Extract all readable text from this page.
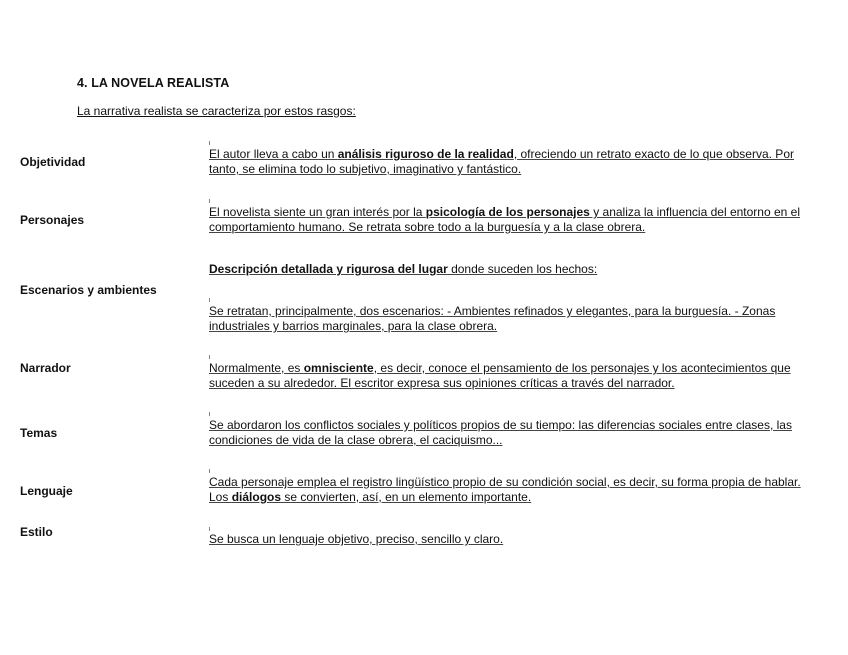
4. LA NOVELA REALISTA
La narrativa realista se caracteriza por estos rasgos:
Objetividad
El autor lleva a cabo un análisis riguroso de la realidad, ofreciendo un retrato exacto de lo que observa. Por
tanto, se elimina todo lo subjetivo, imaginativo y fantástico.
Personajes
El novelista siente un gran interés por la psicología de los personajes y analiza la influencia del entorno en el
comportamiento humano. Se retrata sobre todo a la burguesía y a la clase obrera.
Escenarios y ambientes
Descripción detallada y rigurosa del lugar donde suceden los hechos:
Se retratan, principalmente, dos escenarios: - Ambientes refinados y elegantes, para la burguesía. - Zonas
industriales y barrios marginales, para la clase obrera.
Narrador	Normalmente, es omnisciente, es decir, conoce el pensamiento de los personajes y los acontecimientos que
suceden a su alrededor. El escritor expresa sus opiniones críticas a través del narrador.
Temas
Se abordaron los conflictos sociales y políticos propios de su tiempo: las diferencias sociales entre clases, las
condiciones de vida de la clase obrera, el caciquismo...
Lenguaje
Cada personaje emplea el registro lingüístico propio de su condición social, es decir, su forma propia de hablar.
Los diálogos se convierten, así, en un elemento importante.
Estilo	Se busca un lenguaje objetivo, preciso, sencillo y claro.
